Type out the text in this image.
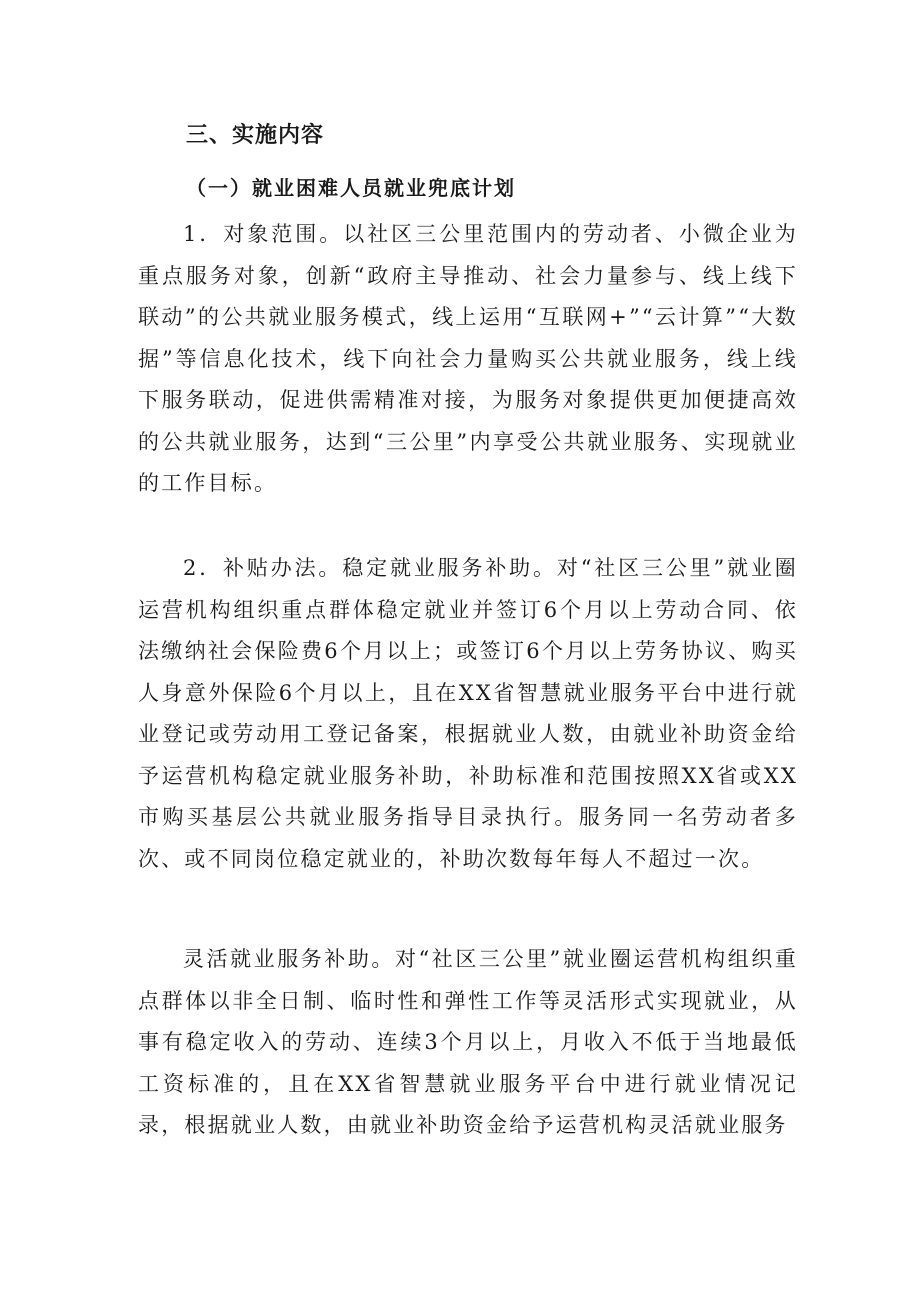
三、实施内容
（一）就业困难人员就业兜底计划

1．对象范围。以社区三公里范围内的劳动者、小微企业为重点服务对象，创新“政府主导推动、社会力量参与、线上线下联动”的公共就业服务模式，线上运用“互联网+”“云计算”“大数据”等信息化技术，线下向社会力量购买公共就业服务，线上线下服务联动，促进供需精准对接，为服务对象提供更加便捷高效的公共就业服务，达到“三公里”内享受公共就业服务、实现就业的工作目标。

2．补贴办法。稳定就业服务补助。对“社区三公里”就业圈运营机构组织重点群体稳定就业并签订6个月以上劳动合同、依法缴纳社会保险费6个月以上；或签订6个月以上劳务协议、购买人身意外保险6个月以上，且在XX省智慧就业服务平台中进行就业登记或劳动用工登记备案，根据就业人数，由就业补助资金给予运营机构稳定就业服务补助，补助标准和范围按照XX省或XX市购买基层公共就业服务指导目录执行。服务同一名劳动者多次、或不同岗位稳定就业的，补助次数每年每人不超过一次。

灵活就业服务补助。对“社区三公里”就业圈运营机构组织重点群体以非全日制、临时性和弹性工作等灵活形式实现就业，从事有稳定收入的劳动、连续3个月以上，月收入不低于当地最低工资标准的，且在XX省智慧就业服务平台中进行就业情况记录，根据就业人数，由就业补助资金给予运营机构灵活就业服务
